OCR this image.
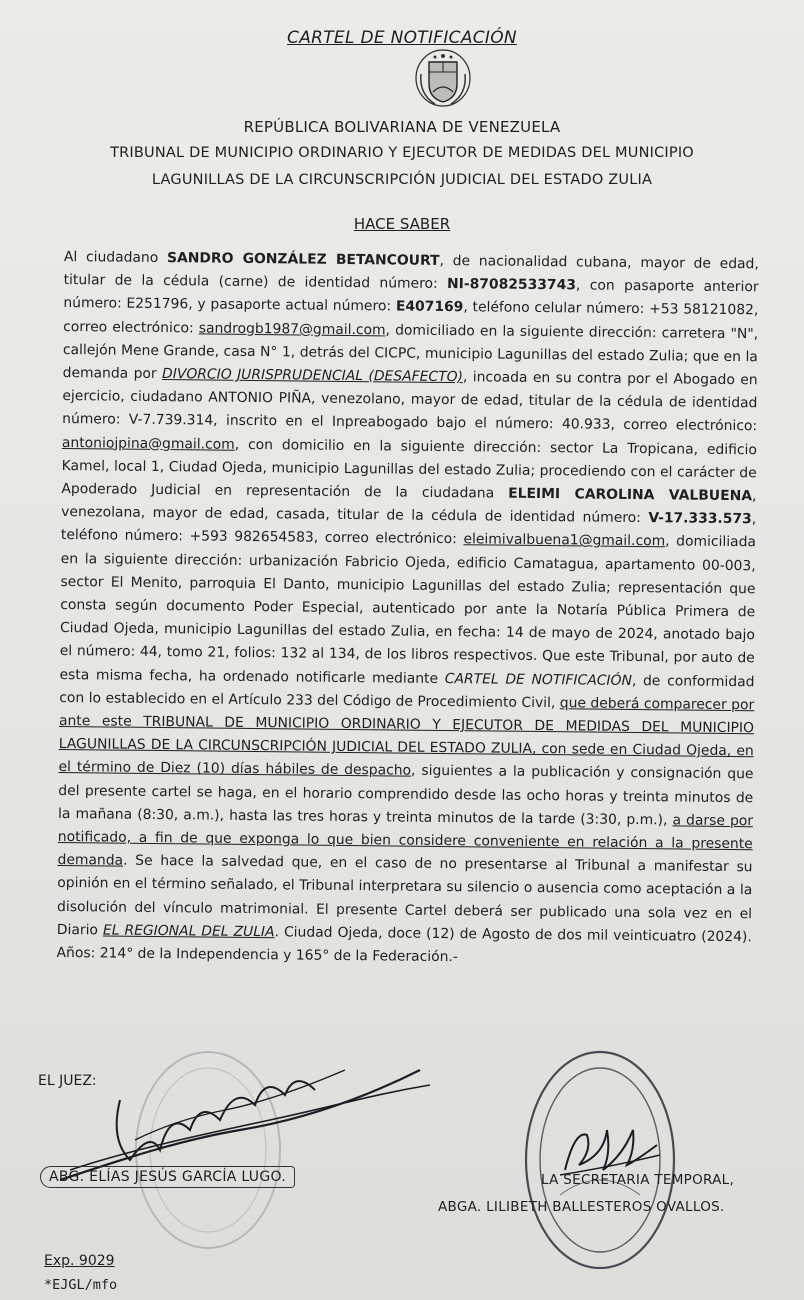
CARTEL DE NOTIFICACIÓN
REPÚBLICA BOLIVARIANA DE VENEZUELA
TRIBUNAL DE MUNICIPIO ORDINARIO Y EJECUTOR DE MEDIDAS DEL MUNICIPIO
LAGUNILLAS DE LA CIRCUNSCRIPCIÓN JUDICIAL DEL ESTADO ZULIA
HACE SABER
Al ciudadano SANDRO GONZÁLEZ BETANCOURT, de nacionalidad cubana, mayor de edad, titular de la cédula (carne) de identidad número: NI-87082533743, con pasaporte anterior número: E251796, y pasaporte actual número: E407169, teléfono celular número: +53 58121082, correo electrónico: sandrogb1987@gmail.com, domiciliado en la siguiente dirección: carretera "N", callejón Mene Grande, casa N° 1, detrás del CICPC, municipio Lagunillas del estado Zulia; que en la demanda por DIVORCIO JURISPRUDENCIAL (DESAFECTO), incoada en su contra por el Abogado en ejercicio, ciudadano ANTONIO PIÑA, venezolano, mayor de edad, titular de la cédula de identidad número: V-7.739.314, inscrito en el Inpreabogado bajo el número: 40.933, correo electrónico: antoniojpina@gmail.com, con domicilio en la siguiente dirección: sector La Tropicana, edificio Kamel, local 1, Ciudad Ojeda, municipio Lagunillas del estado Zulia; procediendo con el carácter de Apoderado Judicial en representación de la ciudadana ELEIMI CAROLINA VALBUENA, venezolana, mayor de edad, casada, titular de la cédula de identidad número: V-17.333.573, teléfono número: +593 982654583, correo electrónico: eleimivalbuena1@gmail.com, domiciliada en la siguiente dirección: urbanización Fabricio Ojeda, edificio Camatagua, apartamento 00-003, sector El Menito, parroquia El Danto, municipio Lagunillas del estado Zulia; representación que consta según documento Poder Especial, autenticado por ante la Notaría Pública Primera de Ciudad Ojeda, municipio Lagunillas del estado Zulia, en fecha: 14 de mayo de 2024, anotado bajo el número: 44, tomo 21, folios: 132 al 134, de los libros respectivos. Que este Tribunal, por auto de esta misma fecha, ha ordenado notificarle mediante CARTEL DE NOTIFICACIÓN, de conformidad con lo establecido en el Artículo 233 del Código de Procedimiento Civil, que deberá comparecer por ante este TRIBUNAL DE MUNICIPIO ORDINARIO Y EJECUTOR DE MEDIDAS DEL MUNICIPIO LAGUNILLAS DE LA CIRCUNSCRIPCIÓN JUDICIAL DEL ESTADO ZULIA, con sede en Ciudad Ojeda, en el término de Diez (10) días hábiles de despacho, siguientes a la publicación y consignación que del presente cartel se haga, en el horario comprendido desde las ocho horas y treinta minutos de la mañana (8:30, a.m.), hasta las tres horas y treinta minutos de la tarde (3:30, p.m.), a darse por notificado, a fin de que exponga lo que bien considere conveniente en relación a la presente demanda. Se hace la salvedad que, en el caso de no presentarse al Tribunal a manifestar su opinión en el término señalado, el Tribunal interpretara su silencio o ausencia como aceptación a la disolución del vínculo matrimonial. El presente Cartel deberá ser publicado una sola vez en el Diario EL REGIONAL DEL ZULIA. Ciudad Ojeda, doce (12) de Agosto de dos mil veinticuatro (2024). Años: 214° de la Independencia y 165° de la Federación.-
EL JUEZ:
ABG. ELÍAS JESÚS GARCÍA LUGO.	LA SECRETARIA TEMPORAL,
ABGA. LILIBETH BALLESTEROS OVALLOS.
Exp. 9029
*EJGL/mfo
